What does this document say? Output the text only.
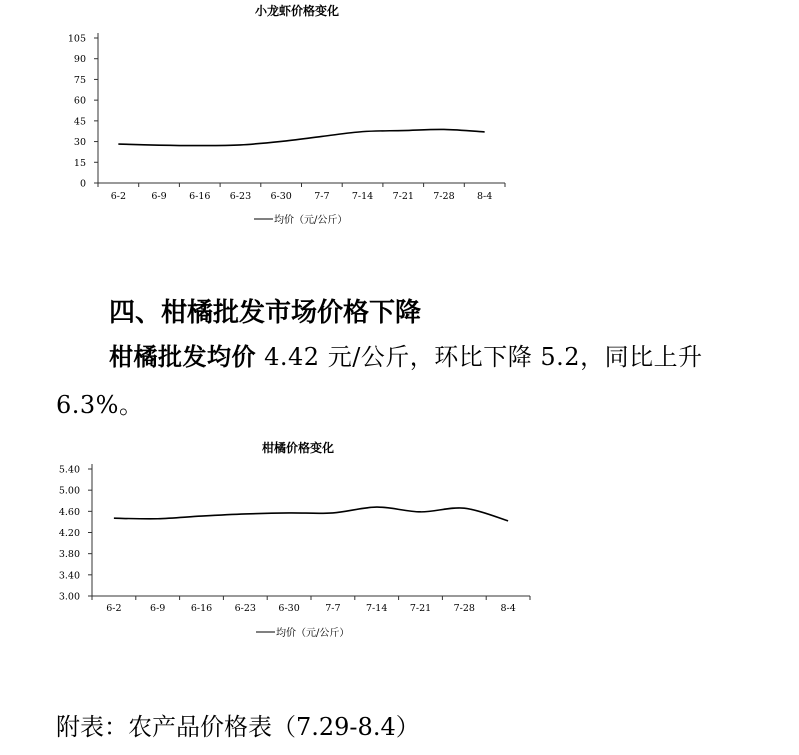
小龙虾价格变化
0
15
30
45
60
75
90
105
6-2	6-9 6-16 6-23 6-30 7-7 7-14 7-21 7-28 8-4
均价（元/公斤）
四、柑橘批发市场价格下降

柑橘批发均价 4.42 元/公斤，环比下降 5.2，同比上升

6.3%。
柑橘价格变化
3.00
3.40
3.80
4.20
4.60
5.00
5.40
6-2	6-9	6-16 6-23 6-30	7-7	7-14 7-21 7-28	8-4
均价（元/公斤）
附表：农产品价格表（7.29-8.4）
